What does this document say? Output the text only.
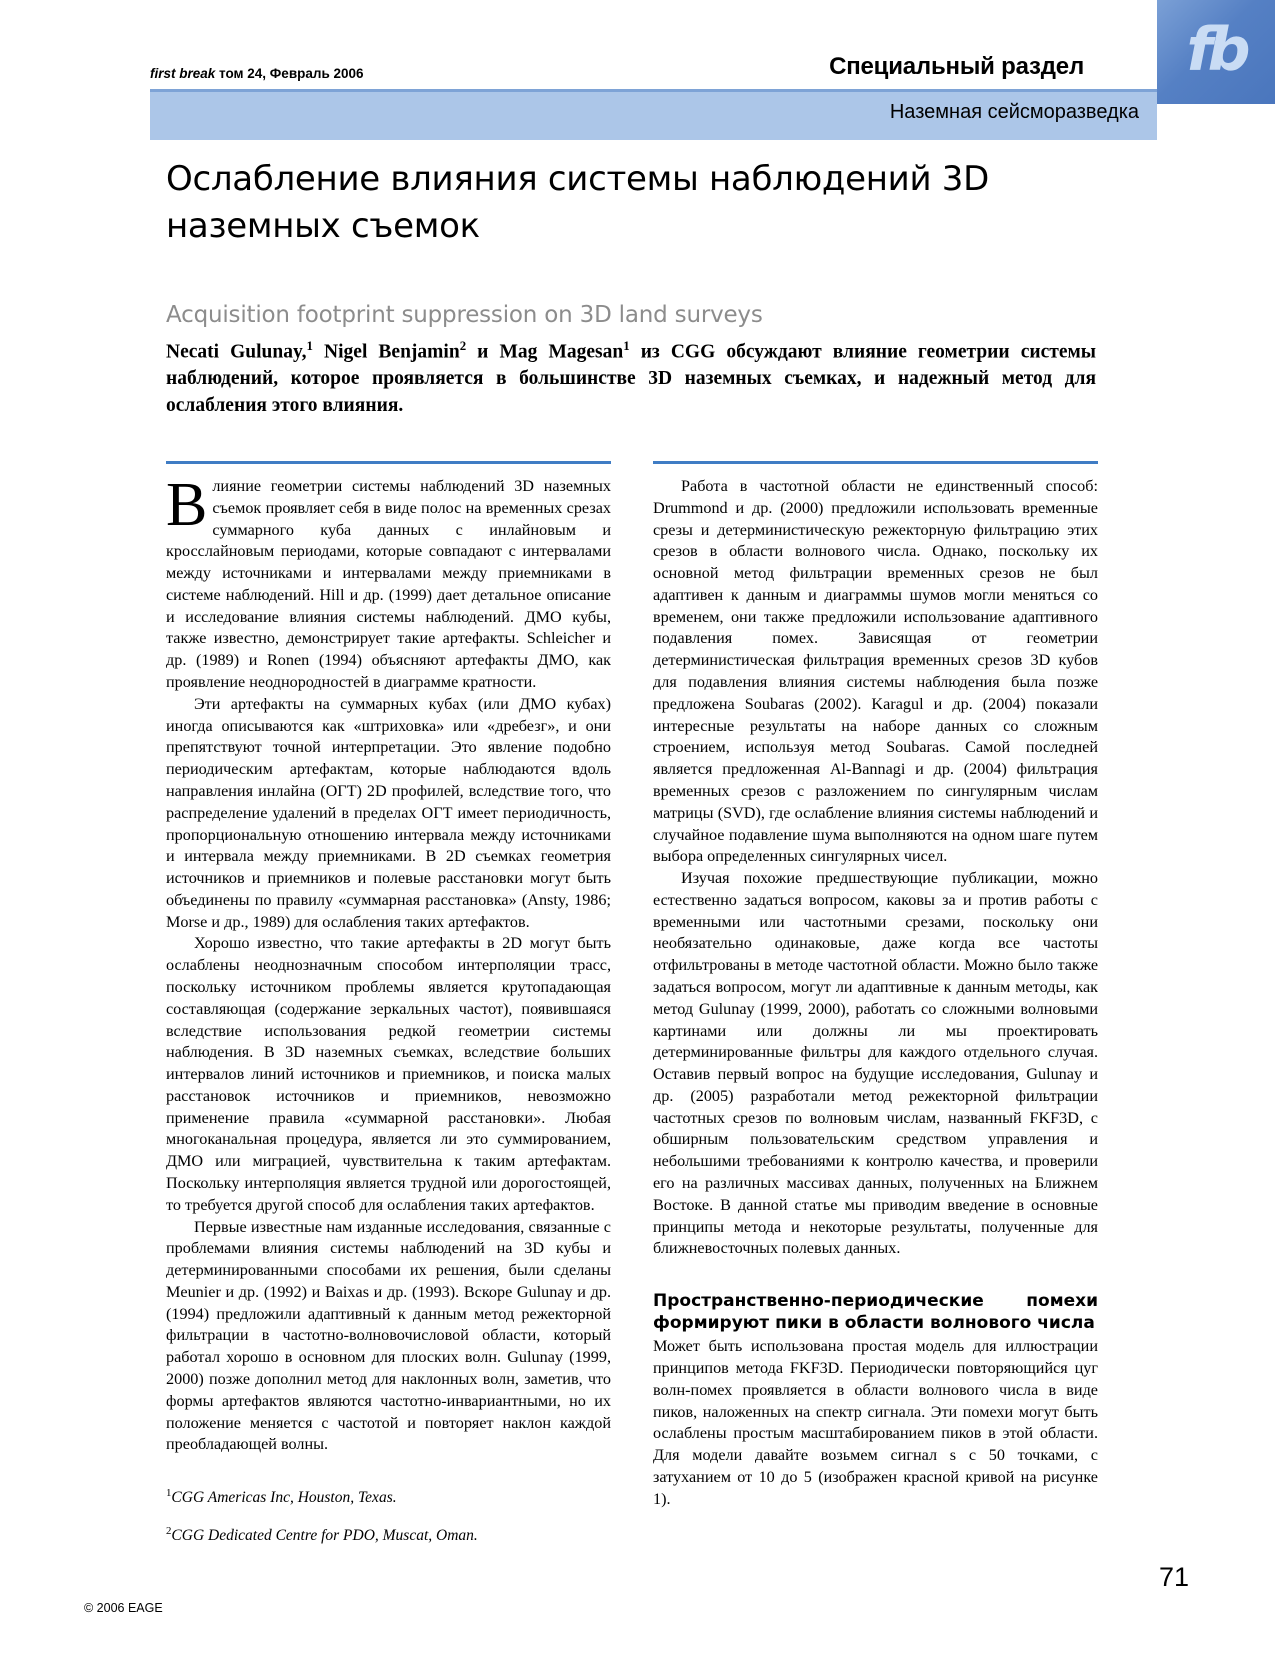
first break том 24, Февраль 2006	Специальный раздел
Наземная сейсморазведка
fb
Ослабление влияния системы наблюдений 3D наземных съемок
Acquisition footprint suppression on 3D land surveys
Necati Gulunay,$^1$ Nigel Benjamin$^2$ и Mag Magesan$^1$ из CGG обсуждают влияние геометрии системы наблюдений, которое проявляется в большинстве 3D наземных съемках, и надежный метод для ослабления этого влияния.

Влияние геометрии системы наблюдений 3D наземных съемок проявляет себя в виде полос на временных срезах суммарного куба данных с инлайновым и кросслайновым периодами, которые совпадают с интервалами между источниками и интервалами между приемниками в системе наблюдений. Hill и др. (1999) дает детальное описание и исследование влияния системы наблюдений. ДМО кубы, также известно, демонстрирует такие артефакты. Schleicher и др. (1989) и Ronen (1994) объясняют артефакты ДМО, как проявление неоднородностей в диаграмме кратности.

Эти артефакты на суммарных кубах (или ДМО кубах) иногда описываются как «штриховка» или «дребезг», и они препятствуют точной интерпретации. Это явление подобно периодическим артефактам, которые наблюдаются вдоль направления инлайна (ОГТ) 2D профилей, вследствие того, что распределение удалений в пределах ОГТ имеет периодичность, пропорциональную отношению интервала между источниками и интервала между приемниками. В 2D съемках геометрия источников и приемников и полевые расстановки могут быть объединены по правилу «суммарная расстановка» (Ansty, 1986; Morse и др., 1989) для ослабления таких артефактов.

Хорошо известно, что такие артефакты в 2D могут быть ослаблены неоднозначным способом интерполяции трасс, поскольку источником проблемы является крутопадающая составляющая (содержание зеркальных частот), появившаяся вследствие использования редкой геометрии системы наблюдения. В 3D наземных съемках, вследствие больших интервалов линий источников и приемников, и поиска малых расстановок источников и приемников, невозможно применение правила «суммарной расстановки». Любая многоканальная процедура, является ли это суммированием, ДМО или миграцией, чувствительна к таким артефактам. Поскольку интерполяция является трудной или дорогостоящей, то требуется другой способ для ослабления таких артефактов.

Первые известные нам изданные исследования, связанные с проблемами влияния системы наблюдений на 3D кубы и детерминированными способами их решения, были сделаны Meunier и др. (1992) и Baixas и др. (1993). Вскоре Gulunay и др. (1994) предложили адаптивный к данным метод режекторной фильтрации в частотно-волновочисловой области, который работал хорошо в основном для плоских волн. Gulunay (1999, 2000) позже дополнил метод для наклонных волн, заметив, что формы артефактов являются частотно-инвариантными, но их положение меняется с частотой и повторяет наклон каждой преобладающей волны.

Работа в частотной области не единственный способ: Drummond и др. (2000) предложили использовать временные срезы и детерминистическую режекторную фильтрацию этих срезов в области волнового числа. Однако, поскольку их основной метод фильтрации временных срезов не был адаптивен к данным и диаграммы шумов могли меняться со временем, они также предложили использование адаптивного подавления помех. Зависящая от геометрии детерминистическая фильтрация временных срезов 3D кубов для подавления влияния системы наблюдения была позже предложена Soubaras (2002). Karagul и др. (2004) показали интересные результаты на наборе данных со сложным строением, используя метод Soubaras. Самой последней является предложенная Al-Bannagi и др. (2004) фильтрация временных срезов с разложением по сингулярным числам матрицы (SVD), где ослабление влияния системы наблюдений и случайное подавление шума выполняются на одном шаге путем выбора определенных сингулярных чисел.

Изучая похожие предшествующие публикации, можно естественно задаться вопросом, каковы за и против работы с временными или частотными срезами, поскольку они необязательно одинаковые, даже когда все частоты отфильтрованы в методе частотной области. Можно было также задаться вопросом, могут ли адаптивные к данным методы, как метод Gulunay (1999, 2000), работать со сложными волновыми картинами или должны ли мы проектировать детерминированные фильтры для каждого отдельного случая. Оставив первый вопрос на будущие исследования, Gulunay и др. (2005) разработали метод режекторной фильтрации частотных срезов по волновым числам, названный FKF3D, с обширным пользовательским средством управления и небольшими требованиями к контролю качества, и проверили его на различных массивах данных, полученных на Ближнем Востоке. В данной статье мы приводим введение в основные принципы метода и некоторые результаты, полученные для ближневосточных полевых данных.

Пространственно-периодические помехи формируют пики в области волнового числа

Может быть использована простая модель для иллюстрации принципов метода FKF3D. Периодически повторяющийся цуг волн-помех проявляется в области волнового числа в виде пиков, наложенных на спектр сигнала. Эти помехи могут быть ослаблены простым масштабированием пиков в этой области. Для модели давайте возьмем сигнал s с 50 точками, с затуханием от 10 до 5 (изображен красной кривой на рисунке 1).

$^1$CGG Americas Inc, Houston, Texas.

$^2$CGG Dedicated Centre for PDO, Muscat, Oman.

© 2006 EAGE
71
